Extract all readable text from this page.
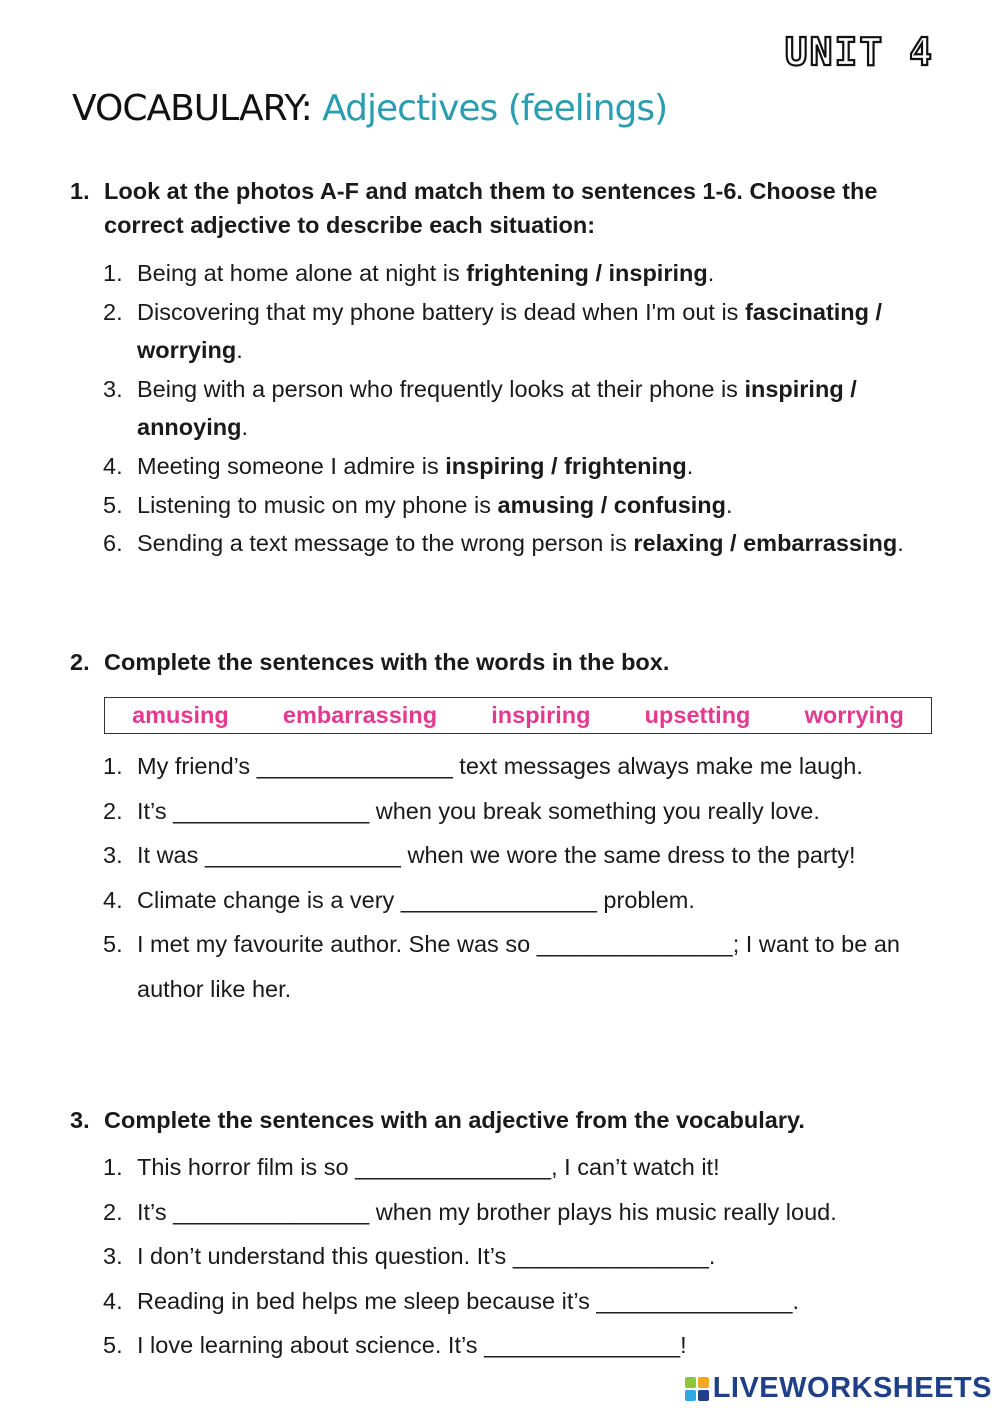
UNIT 4
VOCABULARY: Adjectives (feelings)
1. Look at the photos A-F and match them to sentences 1-6. Choose the correct adjective to describe each situation:
1. Being at home alone at night is frightening / inspiring.
2. Discovering that my phone battery is dead when I'm out is fascinating / worrying.
3. Being with a person who frequently looks at their phone is inspiring / annoying.
4. Meeting someone I admire is inspiring / frightening.
5. Listening to music on my phone is amusing / confusing.
6. Sending a text message to the wrong person is relaxing / embarrassing.
2. Complete the sentences with the words in the box.
amusing embarrassing inspiring upsetting worrying
1. My friend’s _______________ text messages always make me laugh.
2. It’s _______________ when you break something you really love.
3. It was _______________ when we wore the same dress to the party!
4. Climate change is a very _______________ problem.
5. I met my favourite author. She was so _______________; I want to be an author like her.
3. Complete the sentences with an adjective from the vocabulary.
1. This horror film is so _______________, I can’t watch it!
2. It’s _______________ when my brother plays his music really loud.
3. I don’t understand this question. It’s _______________.
4. Reading in bed helps me sleep because it’s _______________.
5. I love learning about science. It’s _______________!
LIVEWORKSHEETS
